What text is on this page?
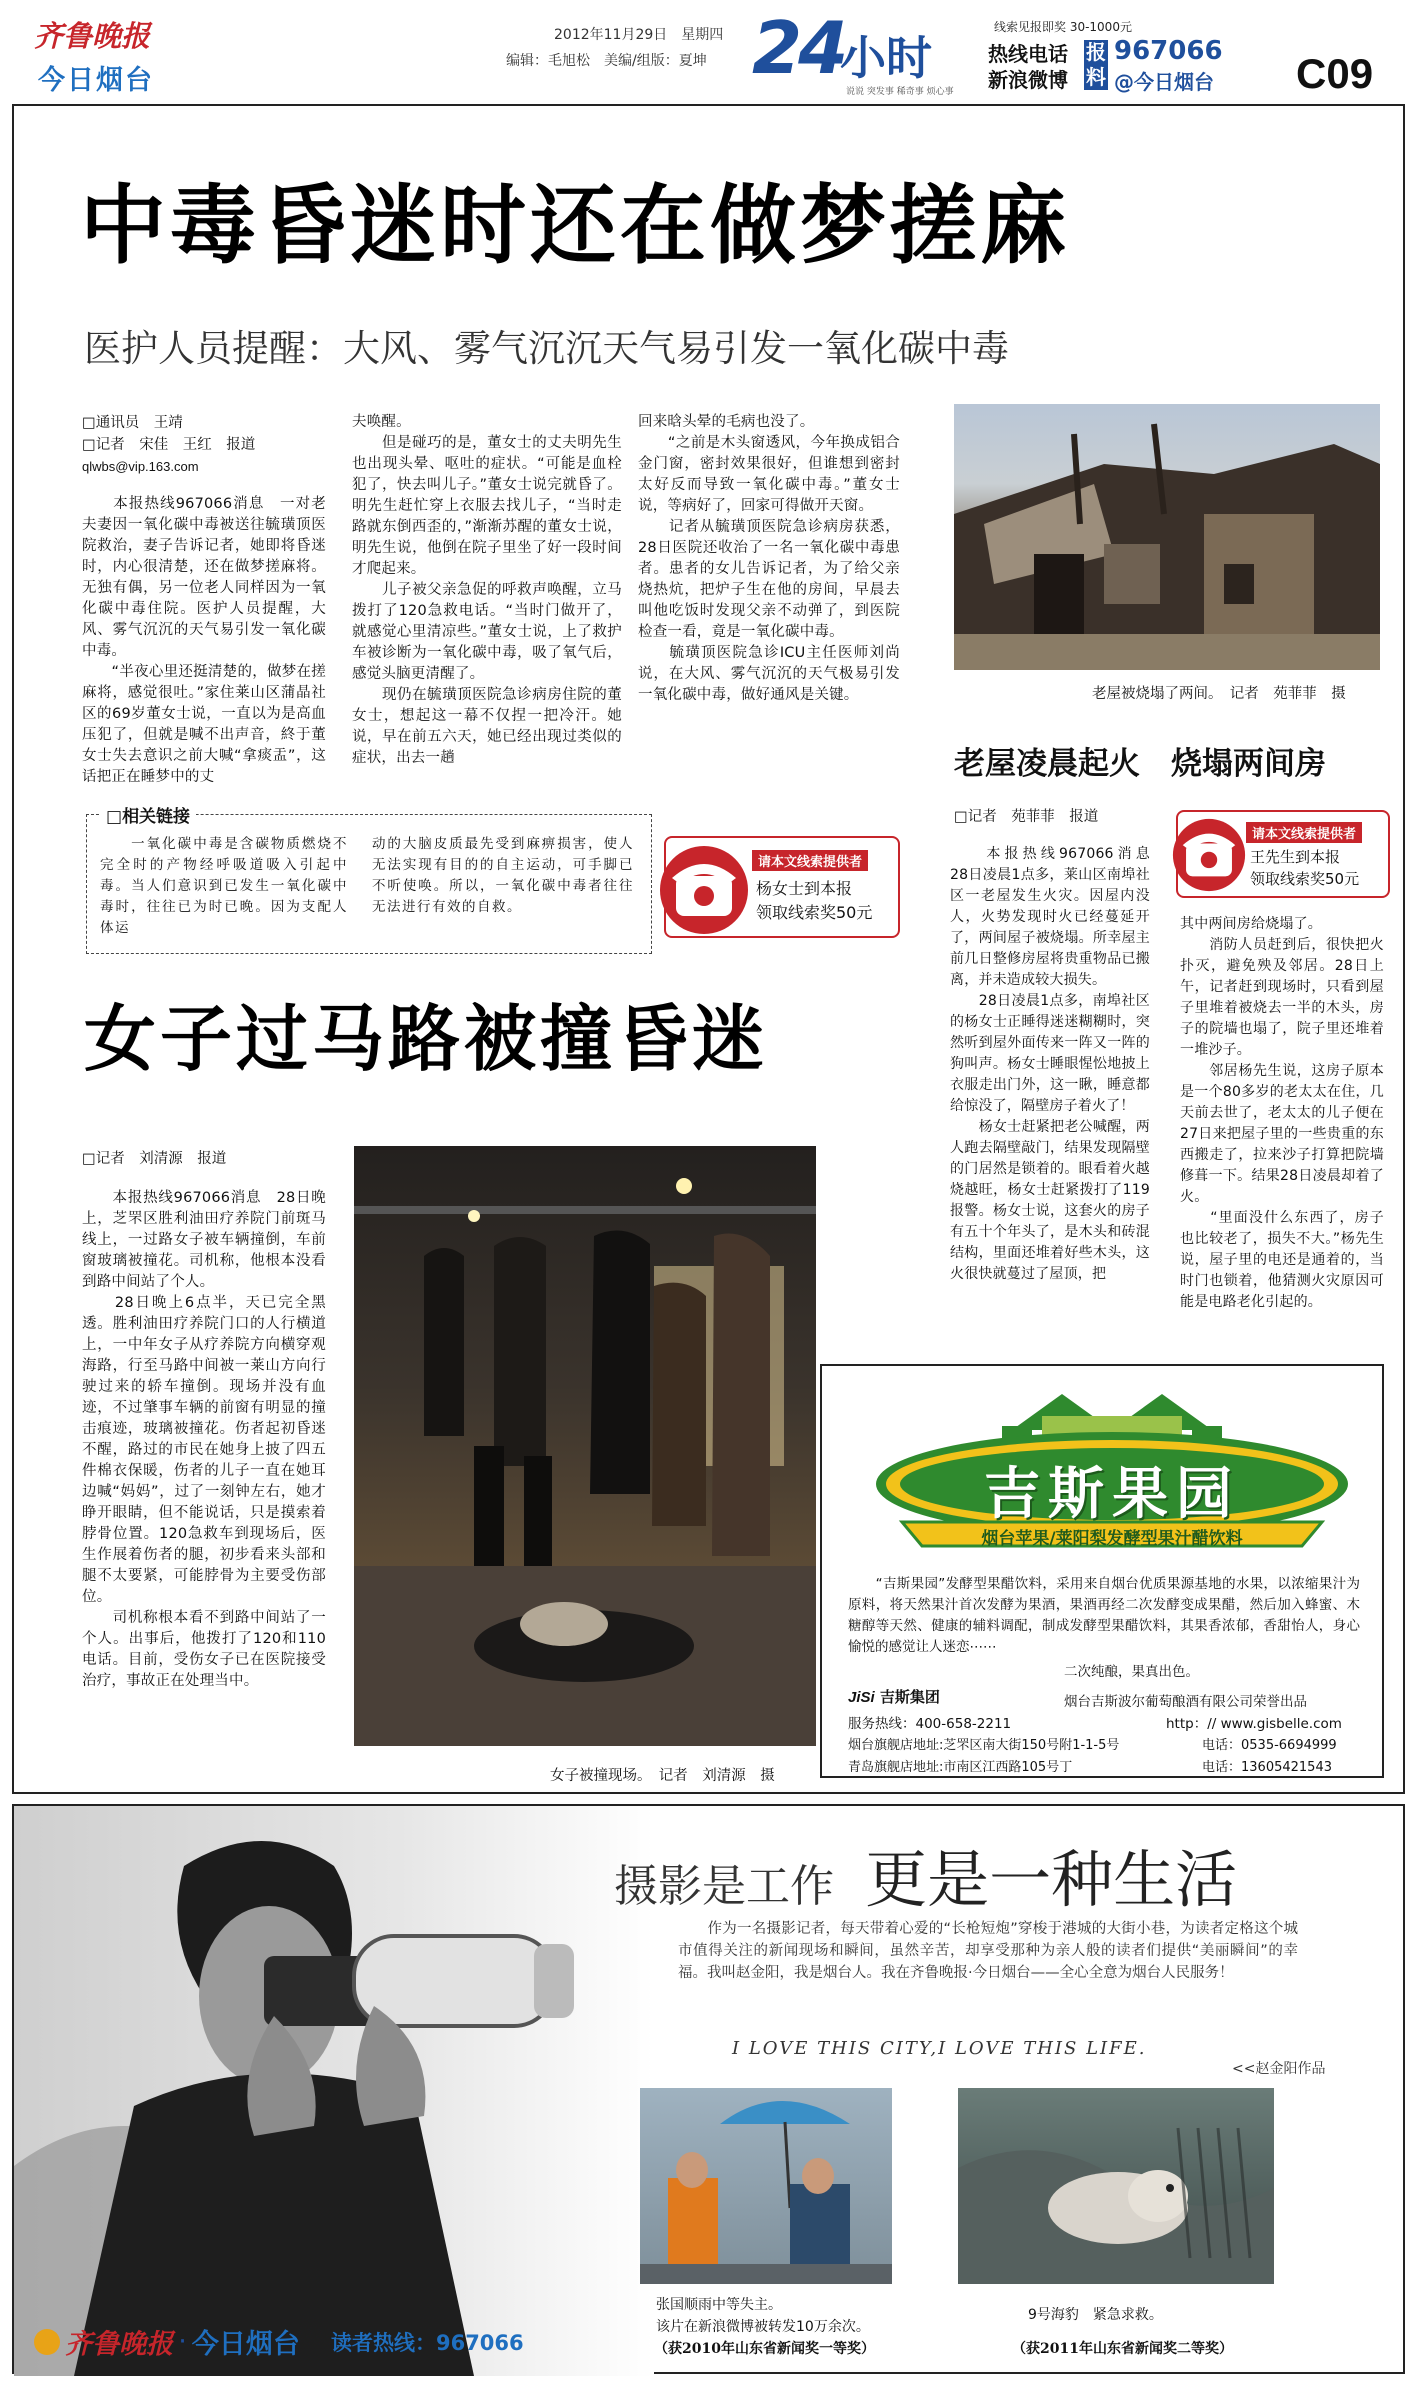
齐鲁晚报
今日烟台
2012年11月29日　星期四
编辑：毛旭松　美编/组版：夏坤 24
小时
说说 突发事 稀奇事 烦心事
线索见报即奖 30-1000元
热线电话
新浪微博
报料
967066
@今日烟台 C09
中毒昏迷时还在做梦搓麻
医护人员提醒：大风、雾气沉沉天气易引发一氧化碳中毒
□通讯员　王靖
□记者　宋佳　王红　报道
qlwbs@vip.163.com
　　本报热线967066消息　一对老夫妻因一氧化碳中毒被送往毓璜顶医院救治，妻子告诉记者，她即将昏迷时，内心很清楚，还在做梦搓麻将。无独有偶，另一位老人同样因为一氧化碳中毒住院。医护人员提醒，大风、雾气沉沉的天气易引发一氧化碳中毒。
　　“半夜心里还挺清楚的，做梦在搓麻将，感觉很吐。”家住莱山区蒲晶社区的69岁董女士说，一直以为是高血压犯了，但就是喊不出声音，終于董女士失去意识之前大喊“拿痰盂”，这话把正在睡梦中的丈
夫唤醒。
　　但是碰巧的是，董女士的丈夫明先生也出现头晕、呕吐的症状。“可能是血栓犯了，快去叫儿子。”董女士说完就昏了。明先生赶忙穿上衣服去找儿子，“当时走路就东倒西歪的，”渐渐苏醒的董女士说，明先生说，他倒在院子里坐了好一段时间才爬起来。
　　儿子被父亲急促的呼救声唤醒，立马拨打了120急救电话。“当时门做开了，就感觉心里清凉些。”董女士说，上了救护车被诊断为一氧化碳中毒，吸了氧气后，感觉头脑更清醒了。
　　现仍在毓璜顶医院急诊病房住院的董女士，想起这一幕不仅捏一把冷汗。她说，早在前五六天，她已经出现过类似的症状，出去一趟
回来晗头晕的毛病也没了。
　　“之前是木头窗透风，今年换成铝合金门窗，密封效果很好，但谁想到密封太好反而导致一氧化碳中毒。”董女士说，等病好了，回家可得做开天窗。
　　记者从毓璜顶医院急诊病房获悉，28日医院还收治了一名一氧化碳中毒患者。患者的女儿告诉记者，为了给父亲烧热炕，把炉子生在他的房间，早晨去叫他吃饭时发现父亲不动弹了，到医院检查一看，竟是一氧化碳中毒。
　　毓璜顶医院急诊ICU主任医师刘尚说，在大风、雾气沉沉的天气极易引发一氧化碳中毒，做好通风是关键。
□相关链接
　　一氧化碳中毒是含碳物质燃烧不完全时的产物经呼吸道吸入引起中毒。当人们意识到已发生一氧化碳中毒时，往往已为时已晚。因为支配人体运
动的大脑皮质最先受到麻痹损害，使人无法实现有目的的自主运动，可手脚已不听使唤。所以，一氧化碳中毒者往往无法进行有效的自救。
请本文线索提供者
杨女士到本报
领取线索奖50元
女子过马路被撞昏迷
□记者　刘清源　报道
　　本报热线967066消息　28日晚上，芝罘区胜利油田疗养院门前斑马线上，一过路女子被车辆撞倒，车前窗玻璃被撞花。司机称，他根本没看到路中间站了个人。
　　28日晚上6点半，天已完全黑透。胜利油田疗养院门口的人行横道上，一中年女子从疗养院方向横穿观海路，行至马路中间被一莱山方向行驶过来的轿车撞倒。现场并没有血迹，不过肇事车辆的前窗有明显的撞击痕迹，玻璃被撞花。伤者起初昏迷不醒，路过的市民在她身上披了四五件棉衣保暖，伤者的儿子一直在她耳边喊“妈妈”，过了一刻钟左右，她才睁开眼睛，但不能说话，只是摸索着脖骨位置。120急救车到现场后，医生作展着伤者的腿，初步看来头部和腿不太要紧，可能脖骨为主要受伤部位。
　　司机称根本看不到路中间站了一个人。出事后，他拨打了120和110电话。目前，受伤女子已在医院接受治疗，事故正在处理当中。
女子被撞现场。　记者　刘清源　摄
老屋被烧塌了两间。　记者　苑菲菲　摄
老屋凌晨起火　烧塌两间房
□记者　苑菲菲　报道
请本文线索提供者
王先生到本报
领取线索奖50元
　　本报热线967066消息　28日凌晨1点多，莱山区南埠社区一老屋发生火灾。因屋内没人，火势发现时火已经蔓延开了，两间屋子被烧塌。所幸屋主前几日整修房屋将贵重物品已搬离，并未造成较大损失。
　　28日凌晨1点多，南埠社区的杨女士正睡得迷迷糊糊时，突然听到屋外面传来一阵又一阵的狗叫声。杨女士睡眼惺忪地披上衣服走出门外，这一瞅，睡意都给惊没了，隔壁房子着火了！
　　杨女士赶紧把老公喊醒，两人跑去隔壁敲门，结果发现隔壁的门居然是锁着的。眼看着火越烧越旺，杨女士赶紧拨打了119报警。杨女士说，这套火的房子有五十个年头了，是木头和砖混结构，里面还堆着好些木头，这火很快就蔓过了屋顶，把
其中两间房给烧塌了。
　　消防人员赶到后，很快把火扑灭，避免殃及邻居。28日上午，记者赶到现场时，只看到屋子里堆着被烧去一半的木头，房子的院墙也塌了，院子里还堆着一堆沙子。
　　邻居杨先生说，这房子原本是一个80多岁的老太太在住，几天前去世了，老太太的儿子便在27日来把屋子里的一些贵重的东西搬走了，拉来沙子打算把院墙修葺一下。结果28日凌晨却着了火。
　　“里面没什么东西了，房子也比较老了，损失不大。”杨先生说，屋子里的电还是通着的，当时门也锁着，他猜测火灾原因可能是电路老化引起的。
吉斯果园
烟台苹果/莱阳梨发酵型果汁醋饮料
　　“吉斯果园”发酵型果醋饮料，采用来自烟台优质果源基地的水果，以浓缩果汁为原料，将天然果汁首次发酵为果酒，果酒再经二次发酵变成果醋，然后加入蜂蜜、木糖醇等天然、健康的辅料调配，制成发酵型果醋饮料，其果香浓郁，香甜怡人，身心愉悦的感觉让人迷恋⋯⋯
二次纯酿，果真出色。
JiSi 吉斯集团	烟台吉斯波尔葡萄酿酒有限公司荣誉出品
服务热线：400-658-2211	http：// www.gisbelle.com
烟台旗舰店地址:芝罘区南大街150号附1-1-5号	电话：0535-6694999
青岛旗舰店地址:市南区江西路105号丁	电话：13605421543
摄影是工作 更是一种生活
　　作为一名摄影记者，每天带着心爱的“长枪短炮”穿梭于港城的大街小巷，为读者定格这个城市值得关注的新闻现场和瞬间，虽然辛苦，却享受那种为亲人般的读者们提供“美丽瞬间”的幸福。我叫赵金阳，我是烟台人。我在齐鲁晚报·今日烟台——全心全意为烟台人民服务！
I LOVE THIS CITY,I LOVE THIS LIFE.
<<赵金阳作品
张国顺雨中等失主。
该片在新浪微博被转发10万余次。
（获2010年山东省新闻奖一等奖）
9号海豹　紧急求救。
（获2011年山东省新闻奖二等奖）
齐鲁晚报 · 今日烟台 读者热线：967066
